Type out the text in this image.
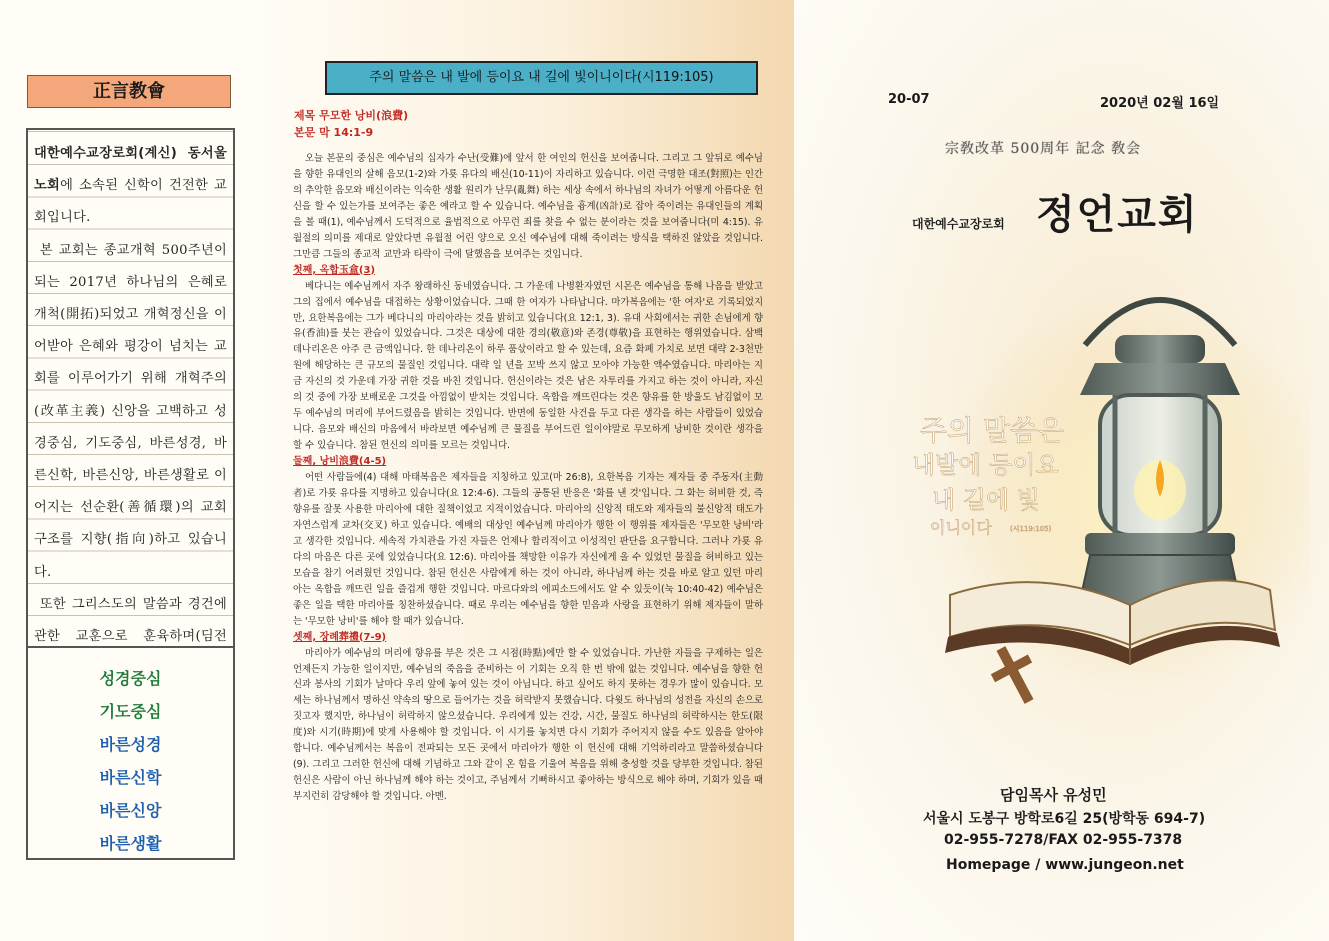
正言教會

대한예수교장로회(계신) 동서울 노회에 소속된 신학이 건전한 교회입니다.
본 교회는 종교개혁 500주년이 되는 2017년 하나님의 은혜로 개척(開拓)되었고 개혁정신을 이어받아 은혜와 평강이 넘치는 교회를 이루어가기 위해 개혁주의(改革主義) 신앙을 고백하고 성경중심, 기도중심, 바른성경, 바른신학, 바른신앙, 바른생활로 이어지는 선순환(善循環)의 교회 구조를 지향(指向)하고 있습니다.
또한 그리스도의 말씀과 경건에 관한 교훈으로 훈육하며(딤전

성경중심
기도중심
바른성경
바른신학
바른신앙
바른생활
주의 말씀은 내 발에 등이요 내 길에 빛이니이다(시119:105)
제목 무모한 낭비(浪費)
본문 막 14:1-9

오늘 본문의 중심은 예수님의 십자가 수난(受難)에 앞서 한 여인의 헌신을 보여줍니다. 그리고 그 앞뒤로 예수님을 향한 유대인의 살해 음모(1-2)와 가룟 유다의 배신(10-11)이 자리하고 있습니다. 이런 극명한 대조(對照)는 인간의 추악한 음모와 배신이라는 익숙한 생활 원리가 난무(亂舞) 하는 세상 속에서 하나님의 자녀가 어떻게 아름다운 헌신을 할 수 있는가를 보여주는 좋은 예라고 할 수 있습니다. 예수님을 흉계(凶計)로 잡아 죽이려는 유대인들의 계획을 볼 때(1), 예수님께서 도덕적으로 율법적으로 아무런 죄를 찾을 수 없는 분이라는 것을 보여줍니다(미 4:15). 유월절의 의미를 제대로 알았다면 유월절 어린 양으로 오신 예수님에 대해 죽이려는 방식을 택하진 않았을 것입니다. 그만큼 그들의 종교적 교만과 타락이 극에 달했음을 보여주는 것입니다.

첫째, 옥합玉盒(3)

베다니는 예수님께서 자주 왕래하신 동네였습니다. 그 가운데 나병환자였던 시몬은 예수님을 통해 나음을 받았고 그의 집에서 예수님을 대접하는 상황이었습니다. 그때 한 여자가 나타납니다. 마가복음에는 '한 여자'로 기록되었지만, 요한복음에는 그가 베다니의 마리아라는 것을 밝히고 있습니다(요 12:1, 3). 유대 사회에서는 귀한 손님에게 향유(香油)를 붓는 관습이 있었습니다. 그것은 대상에 대한 경의(敬意)와 존경(尊敬)을 표현하는 행위였습니다. 삼백 데나리온은 아주 큰 금액입니다. 한 데나리온이 하루 품삯이라고 할 수 있는데, 요즘 화폐 가치로 보면 대략 2-3천만 원에 해당하는 큰 규모의 물질인 것입니다. 대략 일 년을 꼬박 쓰지 않고 모아야 가능한 액수였습니다. 마리아는 지금 자신의 것 가운데 가장 귀한 것을 바친 것입니다. 헌신이라는 것은 남은 자투리를 가지고 하는 것이 아니라, 자신의 것 중에 가장 보배로운 그것을 아낌없이 받치는 것입니다. 옥합을 깨뜨린다는 것은 향유를 한 방울도 남김없이 모두 예수님의 머리에 부어드렸음을 밝히는 것입니다. 반면에 동일한 사건을 두고 다른 생각을 하는 사람들이 있었습니다. 음모와 배신의 마음에서 바라보면 예수님께 큰 물질을 부어드린 일이야말로 무모하게 낭비한 것이란 생각을 할 수 있습니다. 참된 헌신의 의미를 모르는 것입니다.

둘째, 낭비浪費(4-5)

어떤 사람들에(4) 대해 마태복음은 제자들을 지칭하고 있고(마 26:8), 요한복음 기자는 제자들 중 주동자(主動者)로 가룟 유다를 지명하고 있습니다(요 12:4-6). 그들의 공통된 반응은 '화를 낸 것'입니다. 그 화는 허비한 것, 즉 향유를 잘못 사용한 마리아에 대한 질책이었고 지적이었습니다. 마리아의 신앙적 태도와 제자들의 불신앙적 태도가 자연스럽게 교차(交叉) 하고 있습니다. 예배의 대상인 예수님께 마리아가 행한 이 행위를 제자들은 '무모한 낭비'라고 생각한 것입니다. 세속적 가치관을 가진 자들은 언제나 합리적이고 이성적인 판단을 요구합니다. 그러나 가룟 유다의 마음은 다른 곳에 있었습니다(요 12:6). 마리아를 책망한 이유가 자신에게 올 수 있었던 물질을 허비하고 있는 모습을 참기 어려웠던 것입니다. 참된 헌신은 사람에게 하는 것이 아니라, 하나님께 하는 것을 바로 알고 있던 마리아는 옥합을 깨뜨린 일을 즐겁게 행한 것입니다. 마르다와의 에피소드에서도 알 수 있듯이(눅 10:40-42) 예수님은 좋은 일을 택한 마리아를 칭찬하셨습니다. 때로 우리는 예수님을 향한 믿음과 사랑을 표현하기 위해 제자들이 말하는 '무모한 낭비'를 해야 할 때가 있습니다.

셋째, 장례葬禮(7-9)

마리아가 예수님의 머리에 향유를 부은 것은 그 시점(時點)에만 할 수 있었습니다. 가난한 자들을 구제하는 일은 언제든지 가능한 일이지만, 예수님의 죽음을 준비하는 이 기회는 오직 한 번 밖에 없는 것입니다. 예수님을 향한 헌신과 봉사의 기회가 날마다 우리 앞에 놓여 있는 것이 아닙니다. 하고 싶어도 하지 못하는 경우가 많이 있습니다. 모세는 하나님께서 명하신 약속의 땅으로 들어가는 것을 허락받지 못했습니다. 다윗도 하나님의 성전을 자신의 손으로 짓고자 했지만, 하나님이 허락하지 않으셨습니다. 우리에게 있는 건강, 시간, 물질도 하나님의 허락하시는 한도(限度)와 시기(時期)에 맞게 사용해야 할 것입니다. 이 시기를 놓치면 다시 기회가 주어지지 않을 수도 있음을 알아야 합니다. 예수님께서는 복음이 전파되는 모든 곳에서 마리아가 행한 이 헌신에 대해 기억하리라고 말씀하셨습니다(9). 그리고 그러한 헌신에 대해 기념하고 그와 같이 온 힘을 기울여 복음을 위해 충성할 것을 당부한 것입니다. 참된 헌신은 사람이 아닌 하나님께 해야 하는 것이고, 주님께서 기뻐하시고 좋아하는 방식으로 해야 하며, 기회가 있을 때 부지런히 감당해야 할 것입니다. 아멘.

20-07	2020년 02월 16일
宗敎改革 500周年 記念 敎会
대한예수교장로회 정언교회
주의 말씀은
내발에 등이요
내 길에 빛
이니이다	(시119:105)
담임목사 유성민
서울시 도봉구 방학로6길 25(방학동 694-7)
02-955-7278/FAX 02-955-7378
Homepage / www.jungeon.net
